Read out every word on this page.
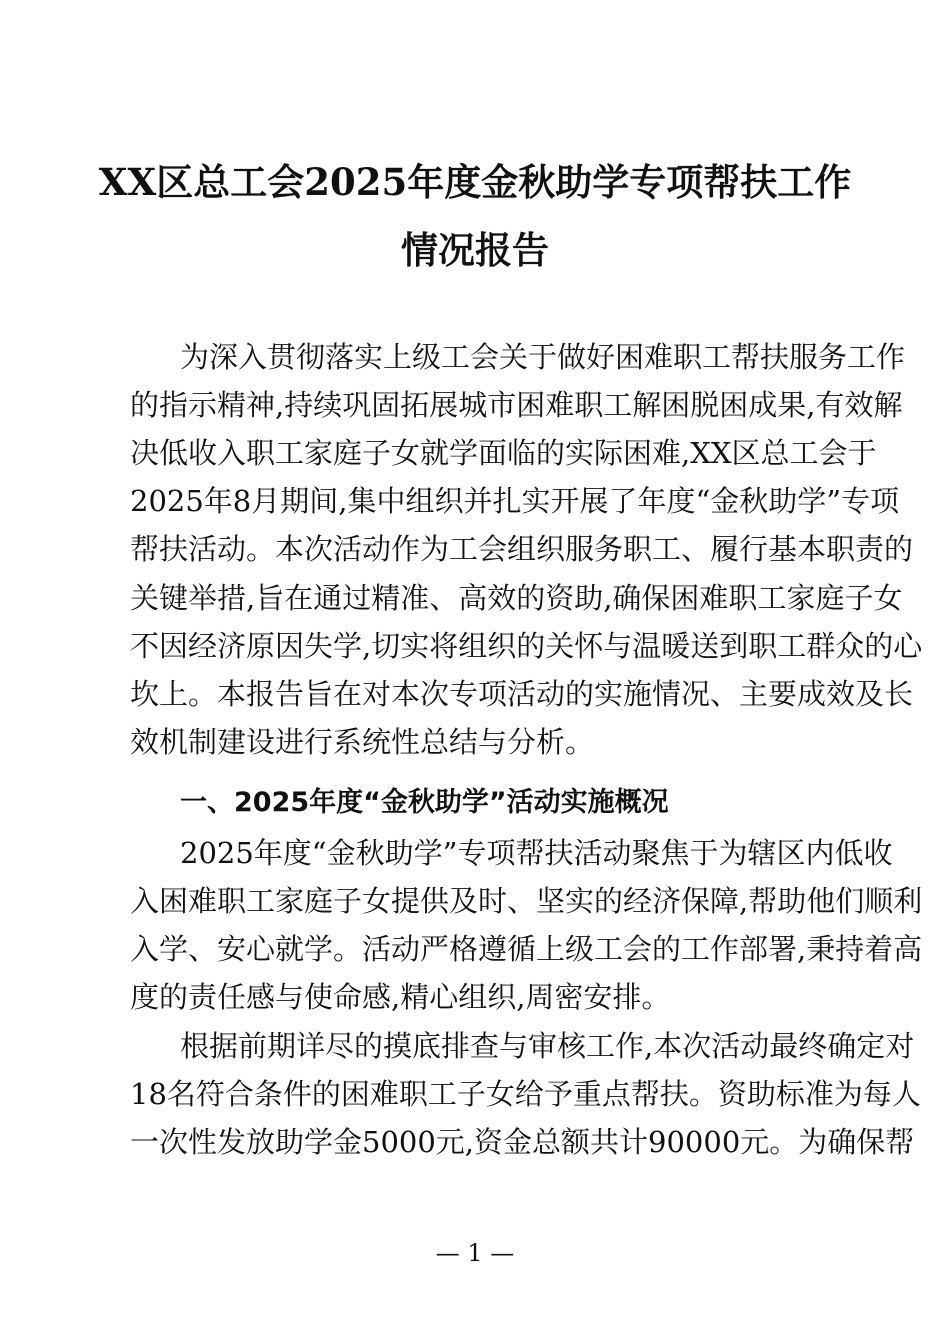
XX区总工会2025年度金秋助学专项帮扶工作
情况报告
为深入贯彻落实上级工会关于做好困难职工帮扶服务工作
的指示精神,持续巩固拓展城市困难职工解困脱困成果,有效解
决低收入职工家庭子女就学面临的实际困难,XX区总工会于
2025年8月期间,集中组织并扎实开展了年度“金秋助学”专项
帮扶活动。本次活动作为工会组织服务职工、履行基本职责的
关键举措,旨在通过精准、高效的资助,确保困难职工家庭子女
不因经济原因失学,切实将组织的关怀与温暖送到职工群众的心
坎上。本报告旨在对本次专项活动的实施情况、主要成效及长
效机制建设进行系统性总结与分析。
一、2025年度“金秋助学”活动实施概况
2025年度“金秋助学”专项帮扶活动聚焦于为辖区内低收
入困难职工家庭子女提供及时、坚实的经济保障,帮助他们顺利
入学、安心就学。活动严格遵循上级工会的工作部署,秉持着高
度的责任感与使命感,精心组织,周密安排。
根据前期详尽的摸底排查与审核工作,本次活动最终确定对
18名符合条件的困难职工子女给予重点帮扶。资助标准为每人
一次性发放助学金5000元,资金总额共计90000元。为确保帮
— 1 —
